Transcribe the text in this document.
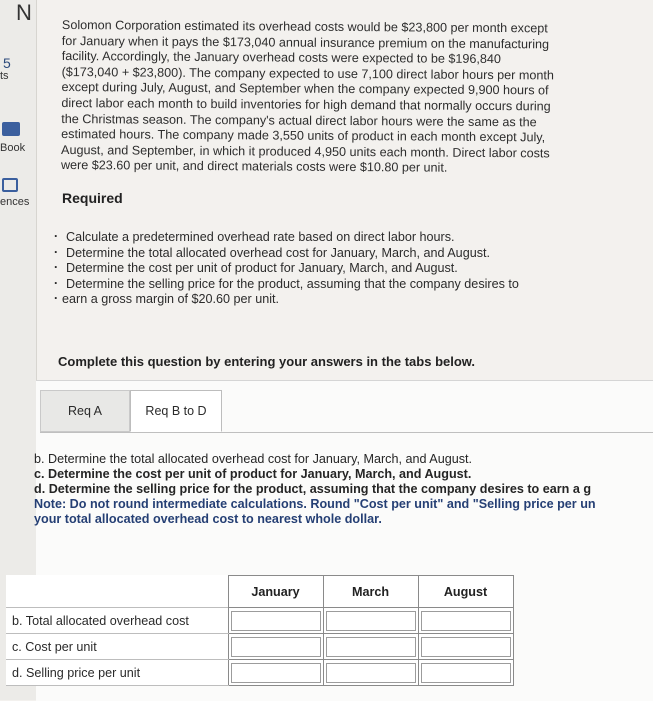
5
ts
Book
ences
N
Solomon Corporation estimated its overhead costs would be $23,800 per month except
for January when it pays the $173,040 annual insurance premium on the manufacturing
facility. Accordingly, the January overhead costs were expected to be $196,840
($173,040 + $23,800). The company expected to use 7,100 direct labor hours per month
except during July, August, and September when the company expected 9,900 hours of
direct labor each month to build inventories for high demand that normally occurs during
the Christmas season. The company's actual direct labor hours were the same as the
estimated hours. The company made 3,550 units of product in each month except July,
August, and September, in which it produced 4,950 units each month. Direct labor costs
were $23.60 per unit, and direct materials costs were $10.80 per unit.
Required
. Calculate a predetermined overhead rate based on direct labor hours.
. Determine the total allocated overhead cost for January, March, and August.
. Determine the cost per unit of product for January, March, and August.
. Determine the selling price for the product, assuming that the company desires to
. earn a gross margin of $20.60 per unit.
Complete this question by entering your answers in the tabs below.
Req A	Req B to D
b. Determine the total allocated overhead cost for January, March, and August.
c. Determine the cost per unit of product for January, March, and August.
d. Determine the selling price for the product, assuming that the company desires to earn a g
Note: Do not round intermediate calculations. Round "Cost per unit" and "Selling price per un
your total allocated overhead cost to nearest whole dollar.
	January	March	August
b. Total allocated overhead cost			
c. Cost per unit			
d. Selling price per unit			
